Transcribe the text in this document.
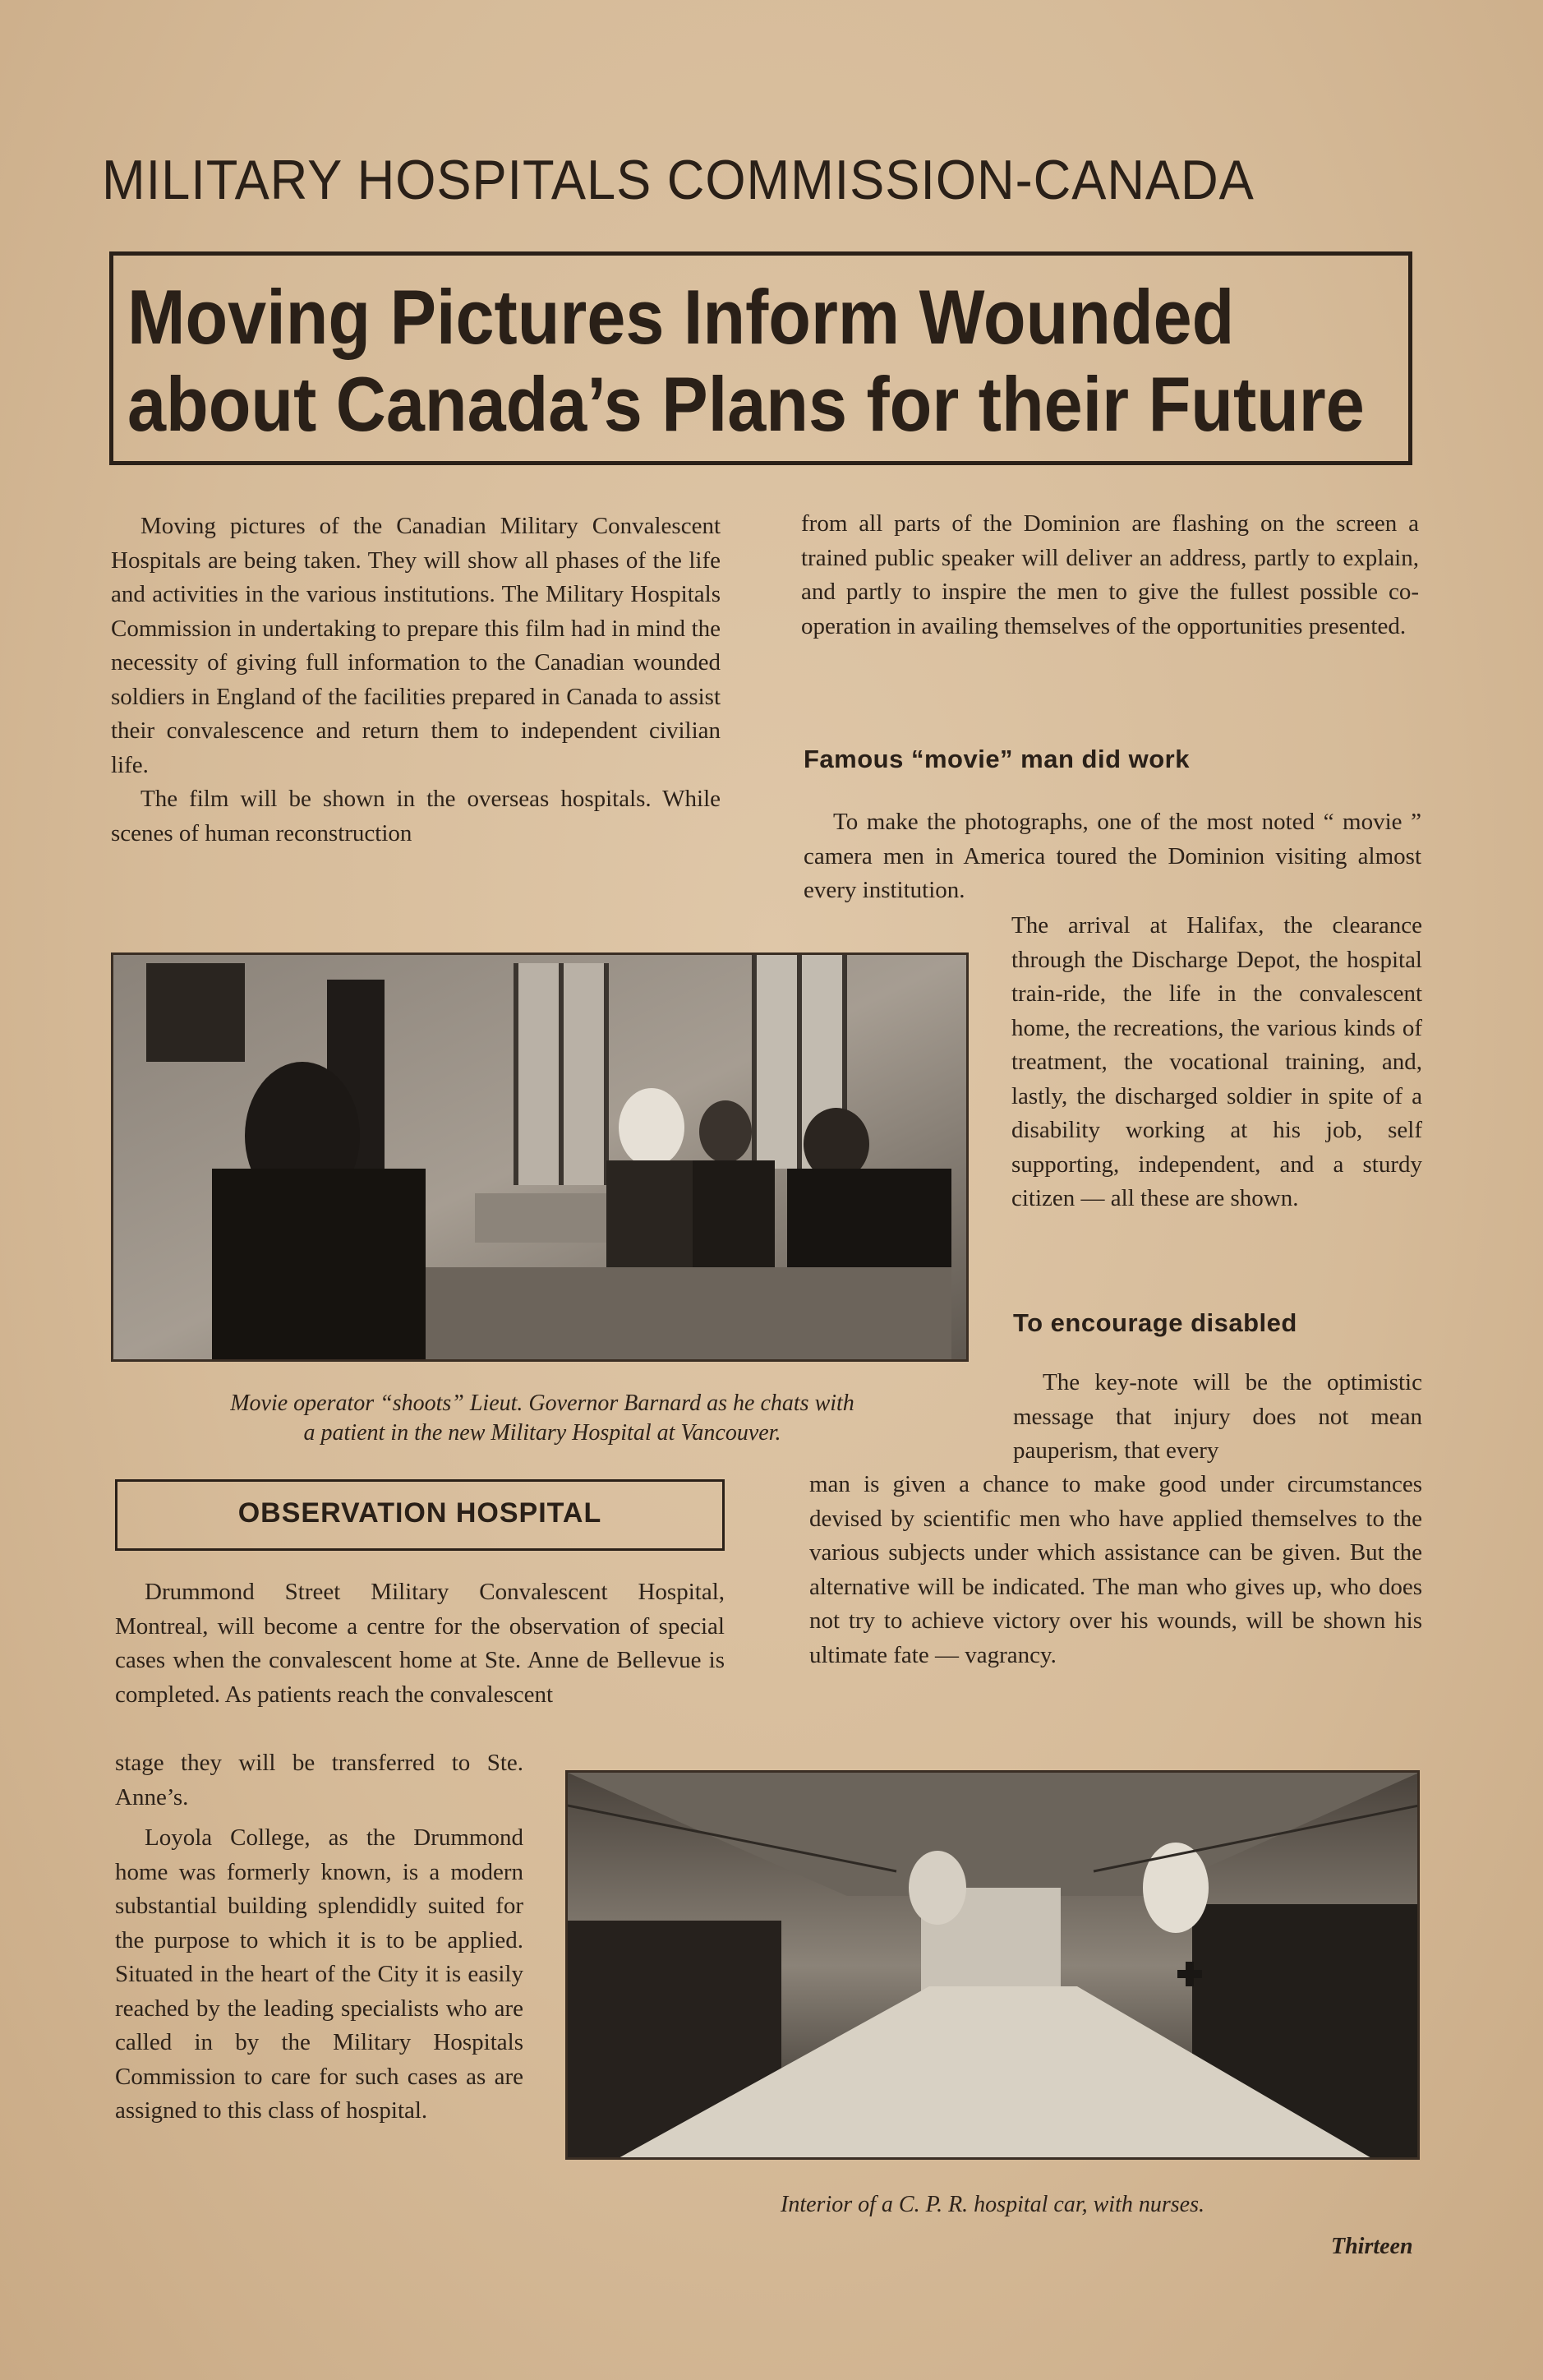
MILITARY HOSPITALS COMMISSION-CANADA
Moving Pictures Inform Wounded
about Canada’s Plans for their Future

Moving pictures of the Canadian Military Convalescent Hospitals are being taken. They will show all phases of the life and activities in the various institutions. The Military Hospitals Commission in undertaking to prepare this film had in mind the necessity of giving full information to the Canadian wounded soldiers in England of the facilities prepared in Canada to assist their convalescence and return them to independent civilian life.

The film will be shown in the overseas hospitals. While scenes of human reconstruction

from all parts of the Dominion are flashing on the screen a trained public speaker will deliver an address, partly to explain, and partly to inspire the men to give the fullest possible co-operation in availing themselves of the opportunities presented.

Famous “movie” man did work

To make the photographs, one of the most noted “ movie ” camera men in America toured the Dominion visiting almost every institution.

The arrival at Halifax, the clearance through the Discharge Depot, the hospital train-ride, the life in the convalescent home, the recreations, the various kinds of treatment, the vocational training, and, lastly, the discharged soldier in spite of a disability working at his job, self supporting, independent, and a sturdy citizen — all these are shown.

To encourage disabled

The key-note will be the optimistic message that injury does not mean pauperism, that every

man is given a chance to make good under circumstances devised by scientific men who have applied themselves to the various subjects under which assistance can be given. But the alternative will be indicated. The man who gives up, who does not try to achieve victory over his wounds, will be shown his ultimate fate — vagrancy.

Movie operator “shoots” Lieut. Governor Barnard as he chats with
a patient in the new Military Hospital at Vancouver.
OBSERVATION HOSPITAL

Drummond Street Military Convalescent Hospital, Montreal, will become a centre for the observation of special cases when the convalescent home at Ste. Anne de Bellevue is completed. As patients reach the convalescent

stage they will be transferred to Ste. Anne’s.

Loyola College, as the Drummond home was formerly known, is a modern substantial building splendidly suited for the purpose to which it is to be applied. Situated in the heart of the City it is easily reached by the leading specialists who are called in by the Military Hospitals Commission to care for such cases as are assigned to this class of hospital.

Interior of a C. P. R. hospital car, with nurses.
Thirteen
